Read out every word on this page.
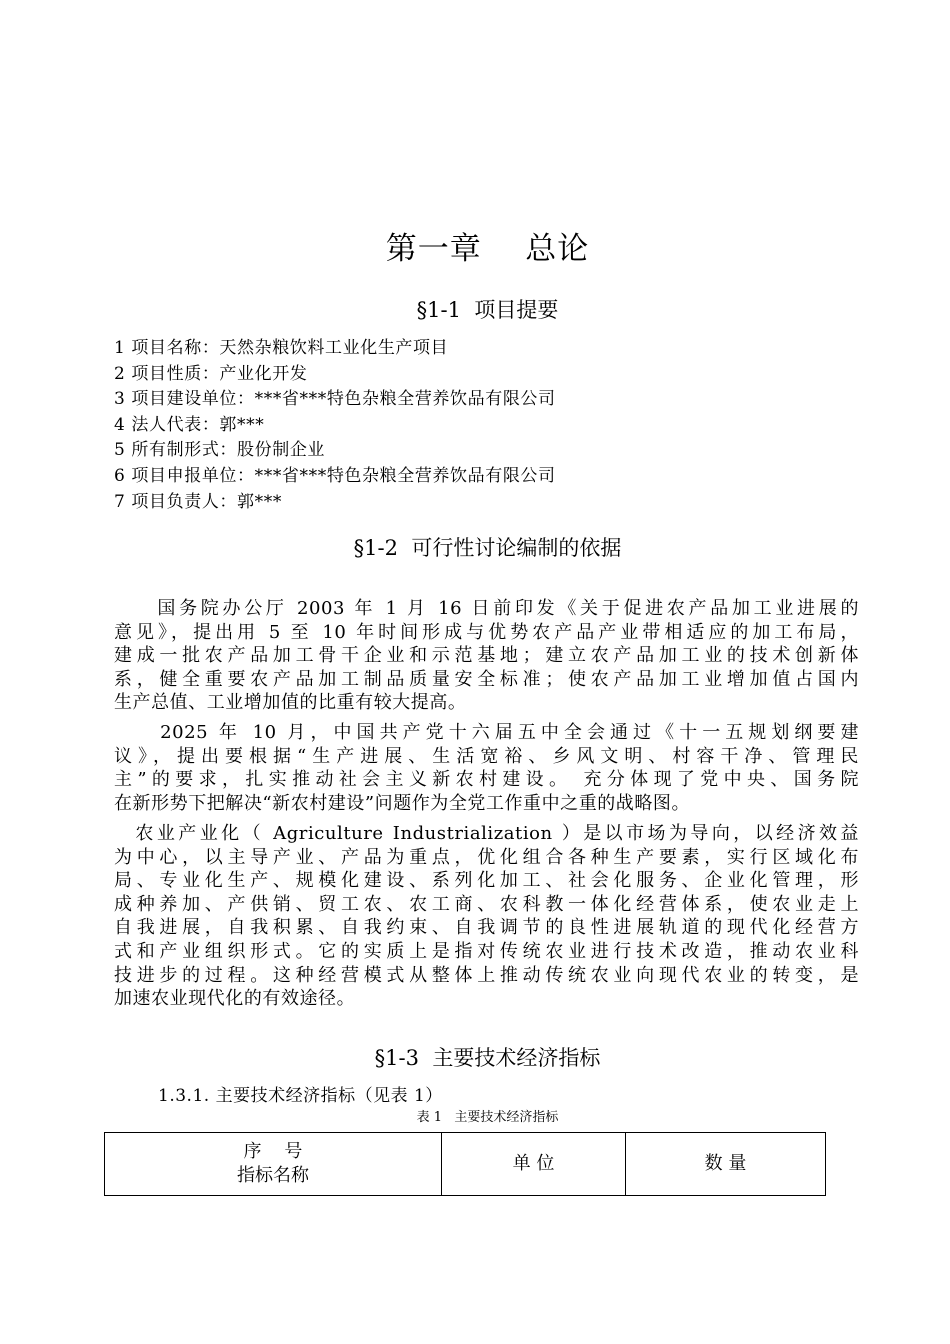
第一章    总论
§1-1  项目提要
1 项目名称：天然杂粮饮料工业化生产项目
2 项目性质：产业化开发
3 项目建设单位：***省***特色杂粮全营养饮品有限公司
4 法人代表：郭***
5 所有制形式：股份制企业
6 项目申报单位：***省***特色杂粮全营养饮品有限公司
7 项目负责人：郭***
§1-2  可行性讨论编制的依据
　　国务院办公厅 2003 年 1 月 16 日前印发《关于促进农产品加工业进展的
意见》，提出用 5 至 10 年时间形成与优势农产品产业带相适应的加工布局，
建成一批农产品加工骨干企业和示范基地；建立农产品加工业的技术创新体
系，健全重要农产品加工制品质量安全标准；使农产品加工业增加值占国内
生产总值、工业增加值的比重有较大提高。
　　2025 年 10 月，中国共产党十六届五中全会通过《十一五规划纲要建
议》，提出要根据“生产进展、生活宽裕、乡风文明、村容干净、管理民
主”的要求，扎实推动社会主义新农村建设。 充分体现了党中央、国务院
在新形势下把解决“新农村建设”问题作为全党工作重中之重的战略图。
　农业产业化（ Agriculture Industrialization ）是以市场为导向，以经济效益
为中心，以主导产业、产品为重点，优化组合各种生产要素，实行区域化布
局、专业化生产、规模化建设、系列化加工、社会化服务、企业化管理，形
成种养加、产供销、贸工农、农工商、农科教一体化经营体系，使农业走上
自我进展，自我积累、自我约束、自我调节的良性进展轨道的现代化经营方
式和产业组织形式。它的实质上是指对传统农业进行技术改造，推动农业科
技进步的过程。这种经营模式从整体上推动传统农业向现代农业的转变，是
加速农业现代化的有效途径。
§1-3  主要技术经济指标
1.3.1. 主要技术经济指标（见表 1）
表 1   主要技术经济指标
序    号
指标名称
	单 位	数 量
